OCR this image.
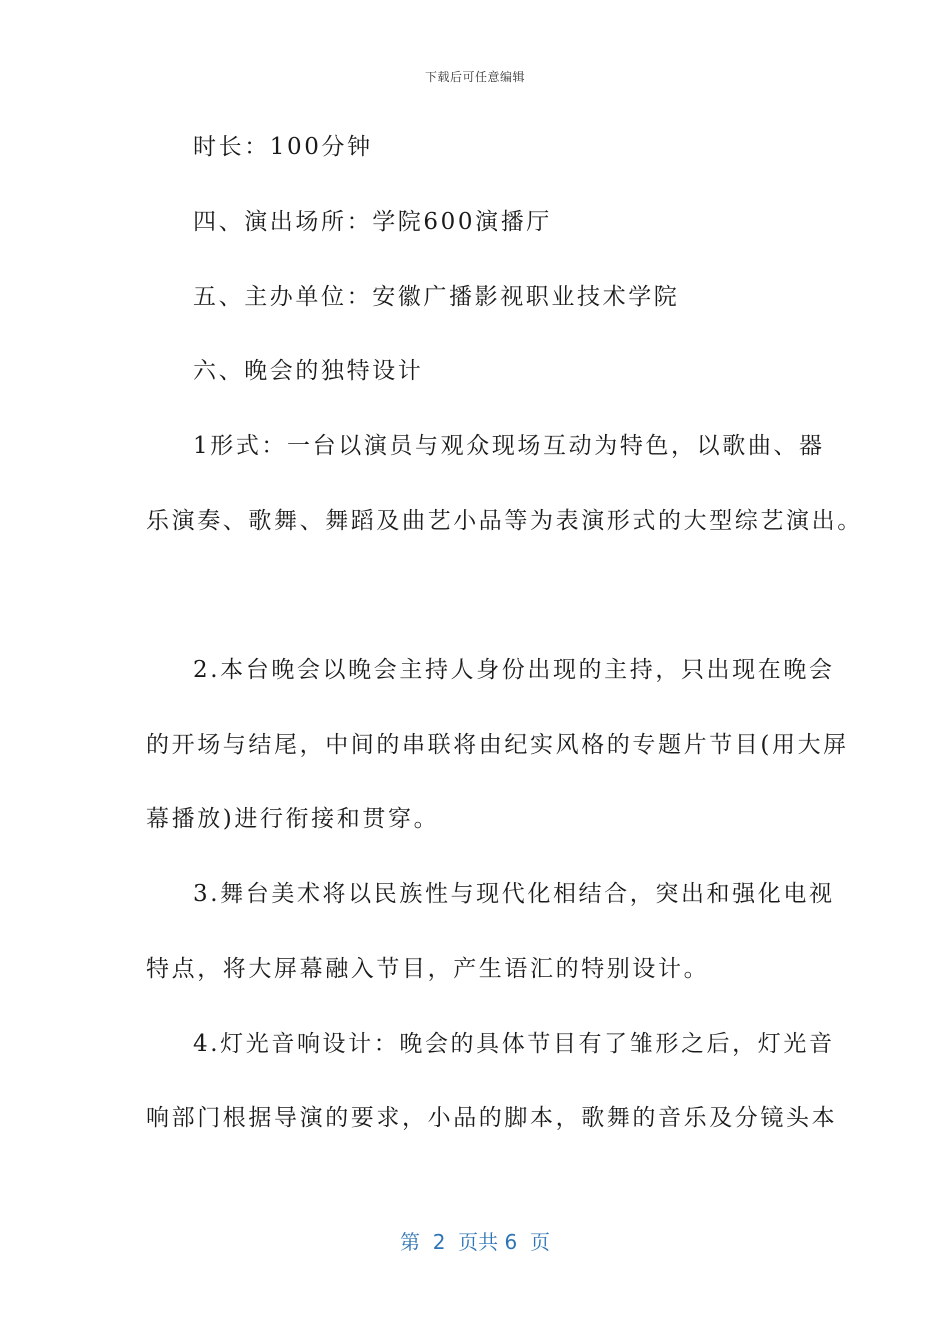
下载后可任意编辑
时长：100分钟
四、演出场所：学院600演播厅
五、主办单位：安徽广播影视职业技术学院
六、晚会的独特设计
1形式：一台以演员与观众现场互动为特色，以歌曲、器
乐演奏、歌舞、舞蹈及曲艺小品等为表演形式的大型综艺演出。
2.本台晚会以晚会主持人身份出现的主持，只出现在晚会
的开场与结尾，中间的串联将由纪实风格的专题片节目(用大屏
幕播放)进行衔接和贯穿。
3.舞台美术将以民族性与现代化相结合，突出和强化电视
特点，将大屏幕融入节目，产生语汇的特别设计。
4.灯光音响设计：晚会的具体节目有了雏形之后，灯光音
响部门根据导演的要求，小品的脚本，歌舞的音乐及分镜头本
第  2  页共 6  页
